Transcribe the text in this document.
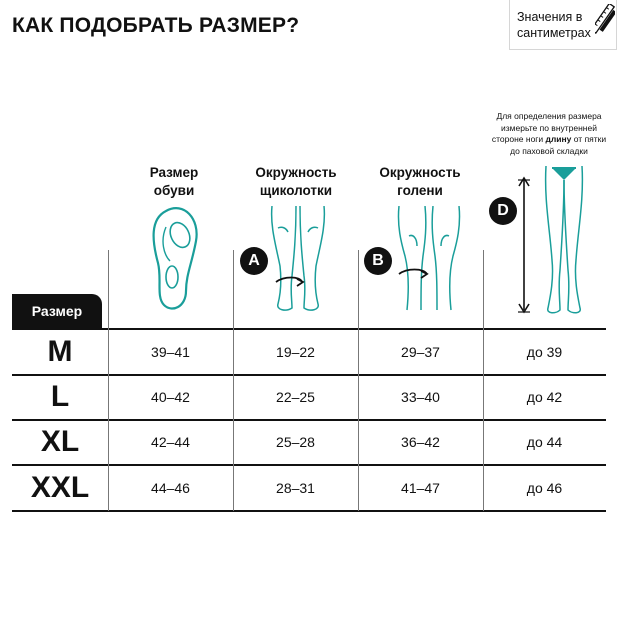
КАК ПОДОБРАТЬ РАЗМЕР?	Значения в
сантиметрах
Для определения размера измерьте по внутренней стороне ноги длину от пятки до паховой складки
Размер
обуви
Окружность
щиколотки
Окружность
голени
A	B
D
Размер
M	39–41	19–22	29–37	до 39
L	40–42	22–25	33–40	до 42
XL	42–44	25–28	36–42	до 44
XXL	44–46	28–31	41–47	до 46
